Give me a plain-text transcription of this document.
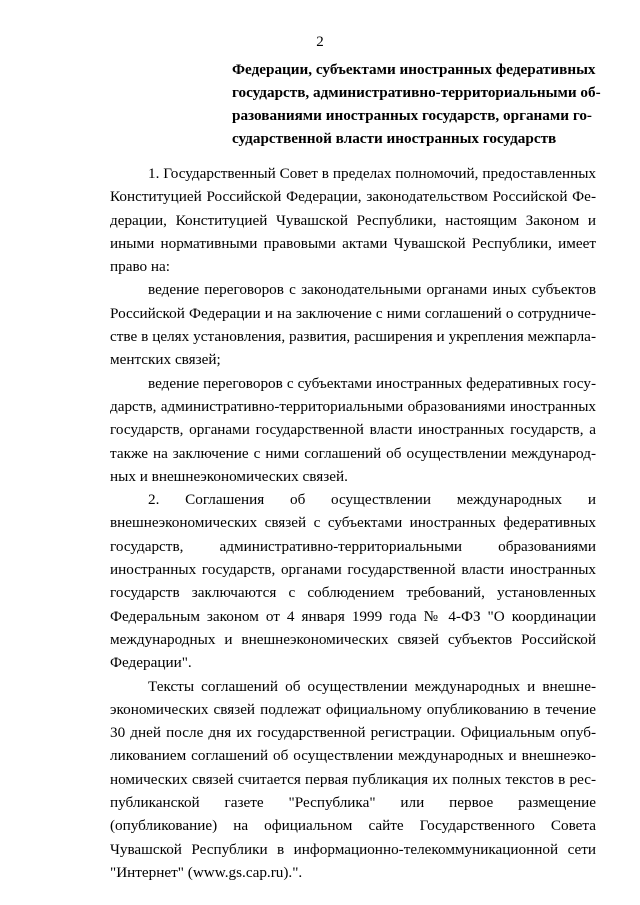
2
Федерации, субъектами иностранных федеративных
государств, административно-территориальными об-
разованиями иностранных государств, органами го-
сударственной власти иностранных государств

1. Государственный Совет в пределах полномочий, предоставленных Конституцией Российской Федерации, законодательством Российской Федерации, Конституцией Чувашской Республики, настоящим Законом и иными нормативными правовыми актами Чувашской Республики, имеет право на:

ведение переговоров с законодательными органами иных субъектов Российской Федерации и на заключение с ними соглашений о сотрудничестве в целях установления, развития, расширения и укрепления межпарламентских связей;

ведение переговоров с субъектами иностранных федеративных государств, административно-территориальными образованиями иностранных государств, органами государственной власти иностранных государств, а также на заключение с ними соглашений об осуществлении международных и внешнеэкономических связей.

2. Соглашения об осуществлении международных и внешнеэкономических связей с субъектами иностранных федеративных государств, административно-территориальными образованиями иностранных государств, органами государственной власти иностранных государств заключаются с соблюдением требований, установленных Федеральным законом от 4 января 1999 года № 4-ФЗ "О координации международных и внешнеэкономических связей субъектов Российской Федерации".

Тексты соглашений об осуществлении международных и внешнеэкономических связей подлежат официальному опубликованию в течение 30 дней после дня их государственной регистрации. Официальным опубликованием соглашений об осуществлении международных и внешнеэкономических связей считается первая публикация их полных текстов в республиканской газете "Республика" или первое размещение (опубликование) на официальном сайте Государственного Совета Чувашской Республики в информационно-телекоммуникационной сети "Интернет" (www.gs.cap.ru).".
